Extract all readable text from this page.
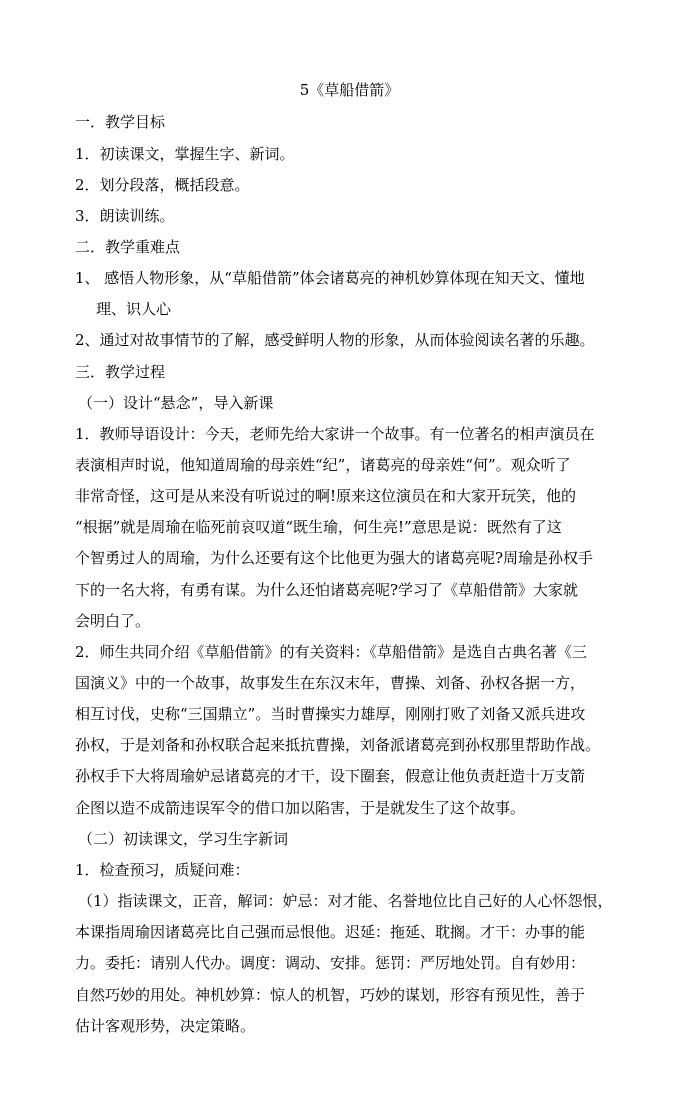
5《草船借箭》
一．教学目标
1．初读课文，掌握生字、新词。
2．划分段落，概括段意。
3．朗读训练。
二．教学重难点
1、 感悟人物形象，从“草船借箭”体会诸葛亮的神机妙算体现在知天文、懂地
理、识人心
2、通过对故事情节的了解，感受鲜明人物的形象，从而体验阅读名著的乐趣。
三．教学过程
（一）设计“悬念”，导入新课
1．教师导语设计：今天，老师先给大家讲一个故事。有一位著名的相声演员在
表演相声时说，他知道周瑜的母亲姓“纪”，诸葛亮的母亲姓“何”。观众听了
非常奇怪，这可是从来没有听说过的啊!原来这位演员在和大家开玩笑，他的
“根据”就是周瑜在临死前哀叹道“既生瑜，何生亮!”意思是说：既然有了这
个智勇过人的周瑜，为什么还要有这个比他更为强大的诸葛亮呢?周瑜是孙权手
下的一名大将，有勇有谋。为什么还怕诸葛亮呢?学习了《草船借箭》大家就
会明白了。
2．师生共同介绍《草船借箭》的有关资料：《草船借箭》是选自古典名著《三
国演义》中的一个故事，故事发生在东汉末年，曹操、刘备、孙权各据一方，
相互讨伐，史称“三国鼎立”。当时曹操实力雄厚，刚刚打败了刘备又派兵进攻
孙权，于是刘备和孙权联合起来抵抗曹操，刘备派诸葛亮到孙权那里帮助作战。
孙权手下大将周瑜妒忌诸葛亮的才干，设下圈套，假意让他负责赶造十万支箭
企图以造不成箭违误军令的借口加以陷害，于是就发生了这个故事。
（二）初读课文，学习生字新词
1．检查预习，质疑问难：
（1）指读课文，正音，解词：妒忌：对才能、名誉地位比自己好的人心怀怨恨，
本课指周瑜因诸葛亮比自己强而忌恨他。迟延：拖延、耽搁。才干：办事的能
力。委托：请别人代办。调度：调动、安排。惩罚：严厉地处罚。自有妙用：
自然巧妙的用处。神机妙算：惊人的机智，巧妙的谋划，形容有预见性，善于
估计客观形势，决定策略。
